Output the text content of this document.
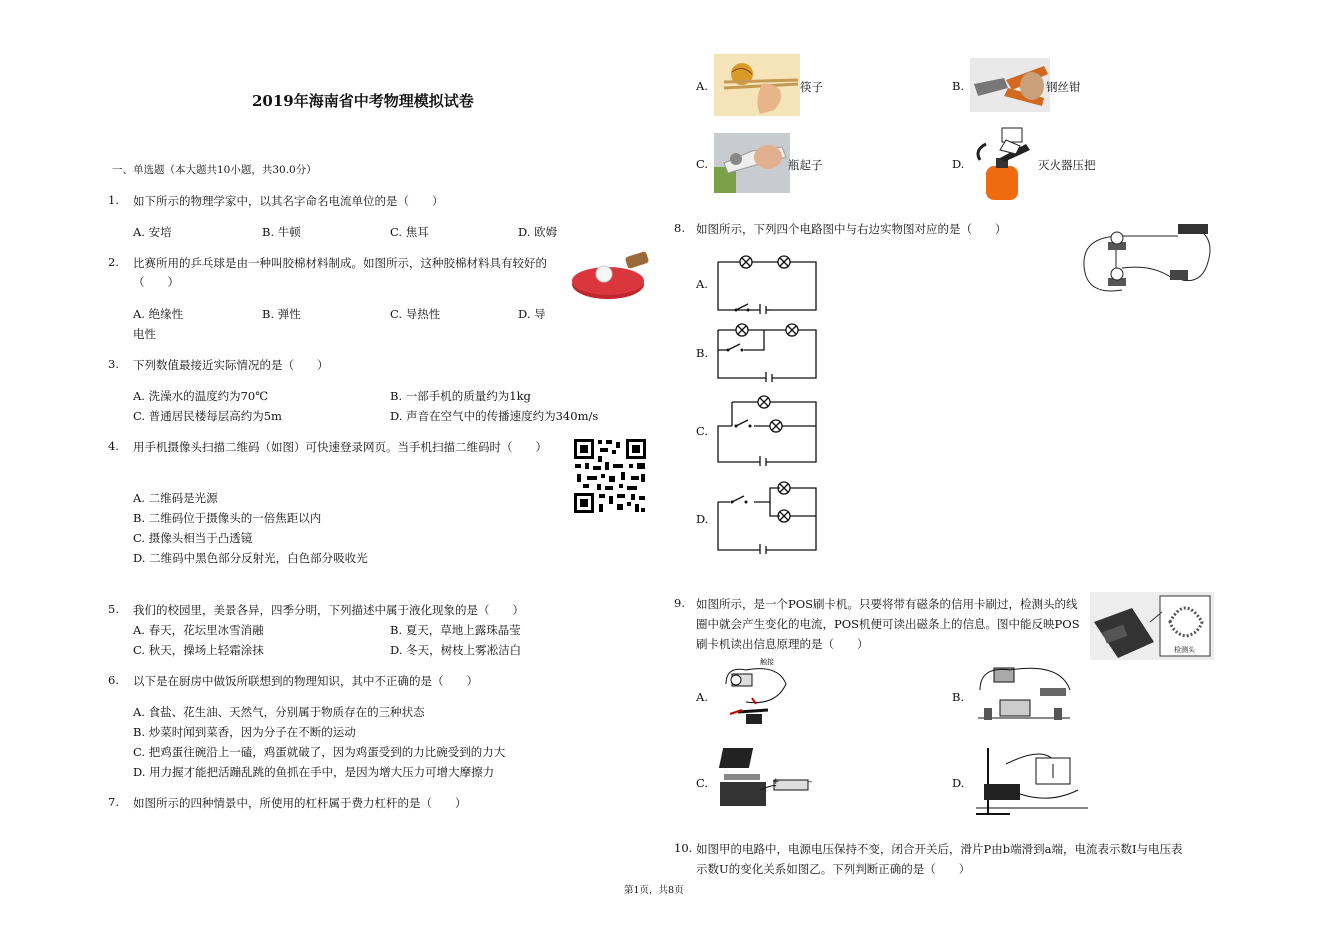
2019年海南省中考物理模拟试卷
一、单选题（本大题共10小题，共30.0分）
1. 如下所示的物理学家中，以其名字命名电流单位的是（　　）
A. 安培	B. 牛顿	C. 焦耳	D. 欧姆
2. 比赛所用的乒乓球是由一种叫胶棉材料制成。如图所示，这种胶棉材料具有较好的
（　　）
A. 绝缘性	B. 弹性	C. 导热性	D. 导
电性
3. 下列数值最接近实际情况的是（　　）
A. 洗澡水的温度约为70℃	B. 一部手机的质量约为1kg
C. 普通居民楼每层高约为5m	D. 声音在空气中的传播速度约为340m/s
4. 用手机摄像头扫描二维码（如图）可快速登录网页。当手机扫描二维码时（　　）
A. 二维码是光源
B. 二维码位于摄像头的一倍焦距以内
C. 摄像头相当于凸透镜
D. 二维码中黑色部分反射光，白色部分吸收光
5. 我们的校园里，美景各异，四季分明，下列描述中属于液化现象的是（　　）
A. 春天，花坛里冰雪消融	B. 夏天，草地上露珠晶莹
C. 秋天，操场上轻霜涂抹	D. 冬天，树枝上雾凇洁白
6. 以下是在厨房中做饭所联想到的物理知识，其中不正确的是（　　）
A. 食盐、花生油、天然气，分别属于物质存在的三种状态
B. 炒菜时闻到菜香，因为分子在不断的运动
C. 把鸡蛋往碗沿上一磕，鸡蛋就破了，因为鸡蛋受到的力比碗受到的力大
D. 用力握才能把活蹦乱跳的鱼抓在手中，是因为增大压力可增大摩擦力
7. 如图所示的四种情景中，所使用的杠杆属于费力杠杆的是（　　）
A.	筷子	B.	钢丝钳
C.	瓶起子	D.	灭火器压把
8. 如图所示，下列四个电路图中与右边实物图对应的是（　　）
A.
B.
C.
D.
9. 如图所示，是一个POS刷卡机。只要将带有磁条的信用卡刷过，检测头的线
圈中就会产生变化的电流，POS机便可读出磁条上的信息。图中能反映POS
刷卡机读出信息原理的是（　　）	检测头
A.
触接
B.
C.	–
+	D.
10. 如图甲的电路中，电源电压保持不变，闭合开关后，滑片P由b端滑到a端，电流表示数I与电压表
示数U的变化关系如图乙。下列判断正确的是（　　）
第1页，共8页
